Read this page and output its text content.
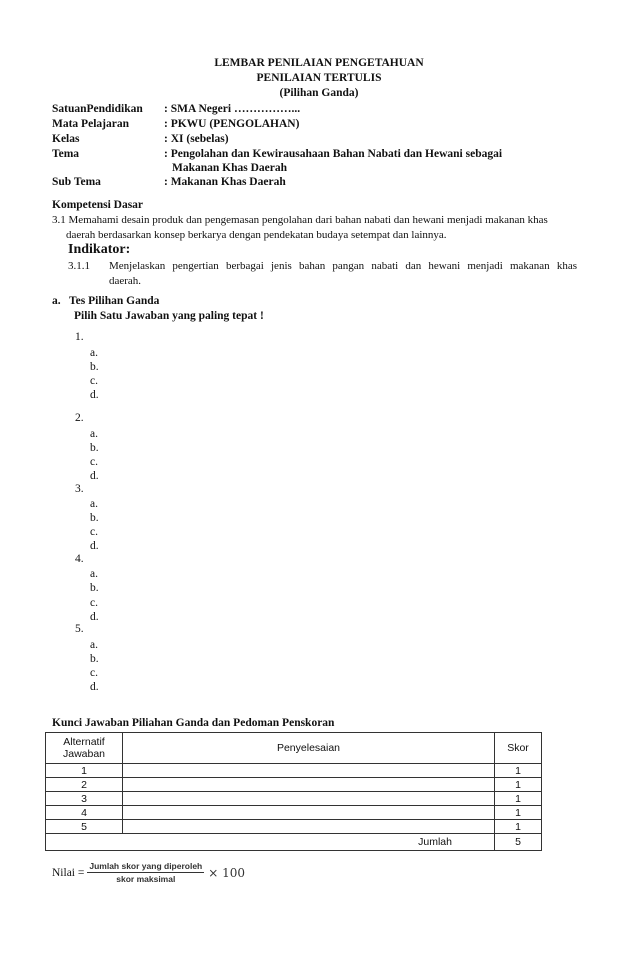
LEMBAR PENILAIAN PENGETAHUAN
PENILAIAN TERTULIS
(Pilihan Ganda)
SatuanPendidikan	: SMA Negeri ……………...
Mata Pelajaran	: PKWU (PENGOLAHAN)
Kelas	: XI (sebelas)
Tema	: Pengolahan dan Kewirausahaan Bahan Nabati dan Hewani sebagai
Makanan Khas Daerah
Sub Tema	: Makanan Khas Daerah
Kompetensi Dasar
3.1 Memahami desain produk dan pengemasan pengolahan dari bahan nabati dan hewani menjadi makanan khas
daerah berdasarkan konsep berkarya dengan pendekatan budaya setempat dan lainnya.
Indikator:
3.1.1 Menjelaskan pengertian berbagai jenis bahan pangan nabati dan hewani menjadi makanan khas
daerah.
a.   Tes Pilihan Ganda
Pilih Satu Jawaban yang paling tepat !
1.
a.
b.
c.
d.
2.
a.
b.
c.
d.
3.
a.
b.
c.
d.
4.
a.
b.
c.
d.
5.
a.
b.
c.
d.
Kunci Jawaban Piliahan Ganda dan Pedoman Penskoran
Alternatif Jawaban	Penyelesaian	Skor
1		1
2		1
3		1
4		1
5		1
Jumlah		5
Nilai = $\frac{\text{Jumlah skor yang diperoleh}}{\text{skor maksimal}} \times 100$
